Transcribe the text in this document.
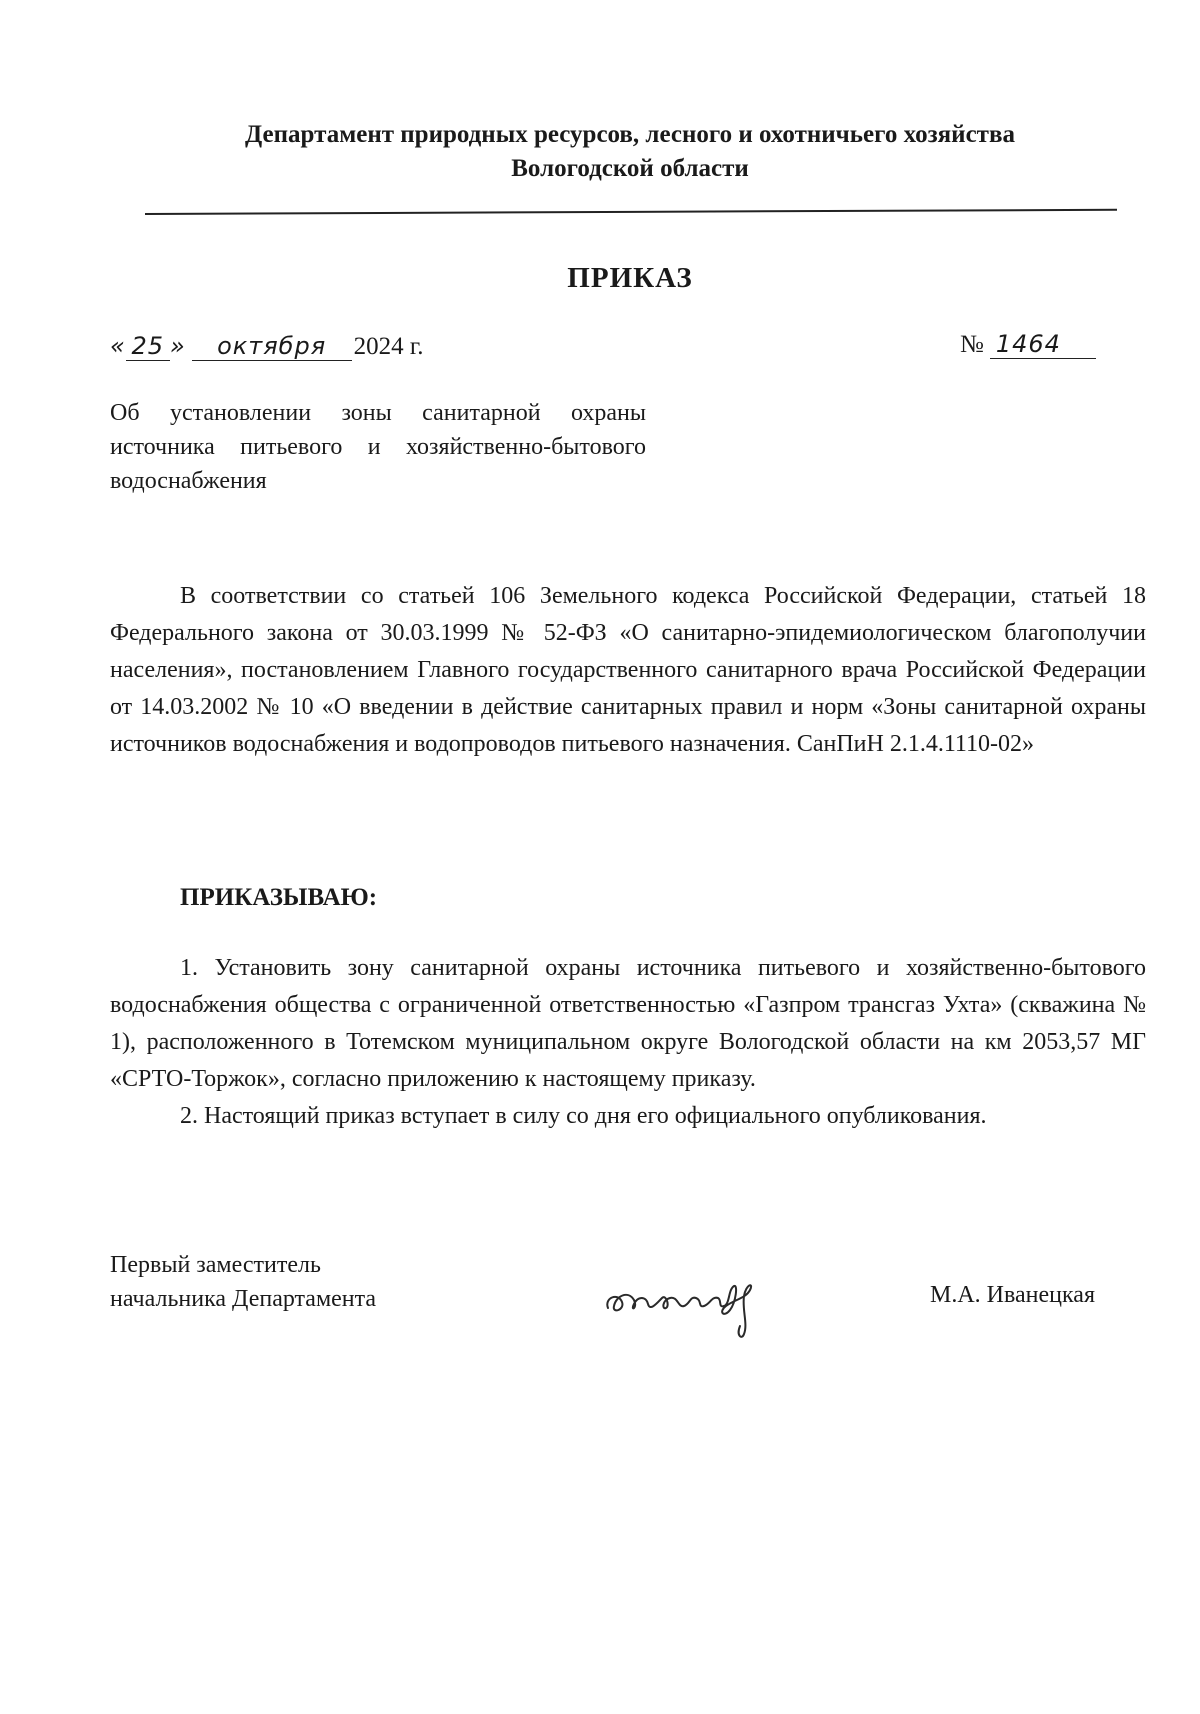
Департамент природных ресурсов, лесного и охотничьего хозяйства
Вологодской области
ПРИКАЗ
« 25 » октября 2024 г.	№ 1464
Об установлении зоны санитарной охраны источника питьевого и хозяйственно-бытового водоснабжения

В соответствии со статьей 106 Земельного кодекса Российской Федерации, статьей 18 Федерального закона от 30.03.1999 № 52-ФЗ «О санитарно-эпидемиологическом благополучии населения», постановлением Главного государственного санитарного врача Российской Федерации от 14.03.2002 № 10 «О введении в действие санитарных правил и норм «Зоны санитарной охраны источников водоснабжения и водопроводов питьевого назначения. СанПиН 2.1.4.1110-02»

ПРИКАЗЫВАЮ:

1. Установить зону санитарной охраны источника питьевого и хозяйственно-бытового водоснабжения общества с ограниченной ответственностью «Газпром трансгаз Ухта» (скважина № 1), расположенного в Тотемском муниципальном округе Вологодской области на км 2053,57 МГ «СРТО-Торжок», согласно приложению к настоящему приказу.

2. Настоящий приказ вступает в силу со дня его официального опубликования.

Первый заместитель
начальника Департамента	М.А. Иванецкая
